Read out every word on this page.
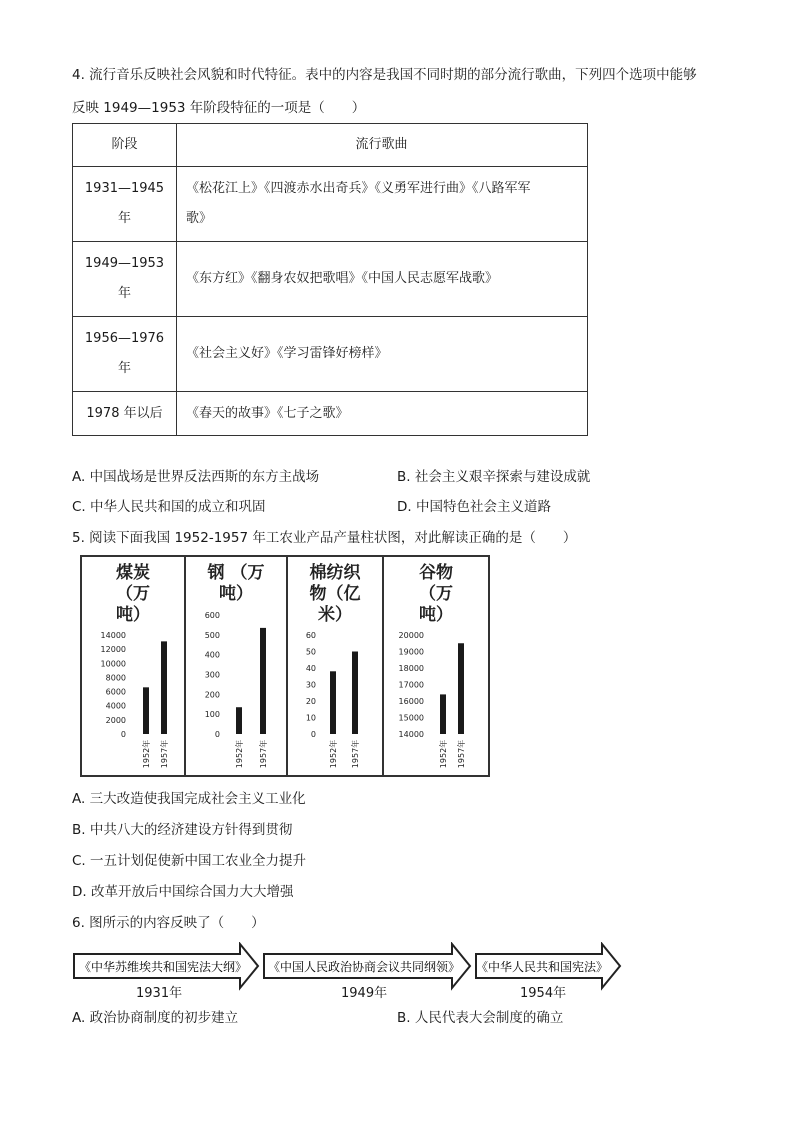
4. 流行音乐反映社会风貌和时代特征。表中的内容是我国不同时期的部分流行歌曲，下列四个选项中能够
反映 1949—1953 年阶段特征的一项是（　　）
阶段	流行歌曲
1931—1945
年	《松花江上》《四渡赤水出奇兵》《义勇军进行曲》《八路军军
歌》
1949—1953
年	《东方红》《翻身农奴把歌唱》《中国人民志愿军战歌》
1956—1976
年	《社会主义好》《学习雷锋好榜样》
1978 年以后	《春天的故事》《七子之歌》
A. 中国战场是世界反法西斯的东方主战场	B. 社会主义艰辛探索与建设成就
C. 中华人民共和国的成立和巩固	D. 中国特色社会主义道路
5. 阅读下面我国 1952-1957 年工农业产品产量柱状图，对此解读正确的是（　　）
0
2000
4000
6000
8000
10000
12000
14000
1952年 1957年
煤炭
（万
吨）
0
100
200
300
400
500
600
1952年 1957年
钢 （万
吨）
0
10
20
30
40
50
60
1952年 1957年
棉纺织
物（亿
米）
14000
15000
16000
17000
18000
19000
20000
1952年 1957年
谷物
（万
吨）
A. 三大改造使我国完成社会主义工业化
B. 中共八大的经济建设方针得到贯彻
C. 一五计划促使新中国工农业全力提升
D. 改革开放后中国综合国力大大增强
6. 图所示的内容反映了（　　）
《中华苏维埃共和国宪法大纲》 《中国人民政治协商会议共同纲领》 《中华人民共和国宪法》
1931年	1949年	1954年
A. 政治协商制度的初步建立	B. 人民代表大会制度的确立
